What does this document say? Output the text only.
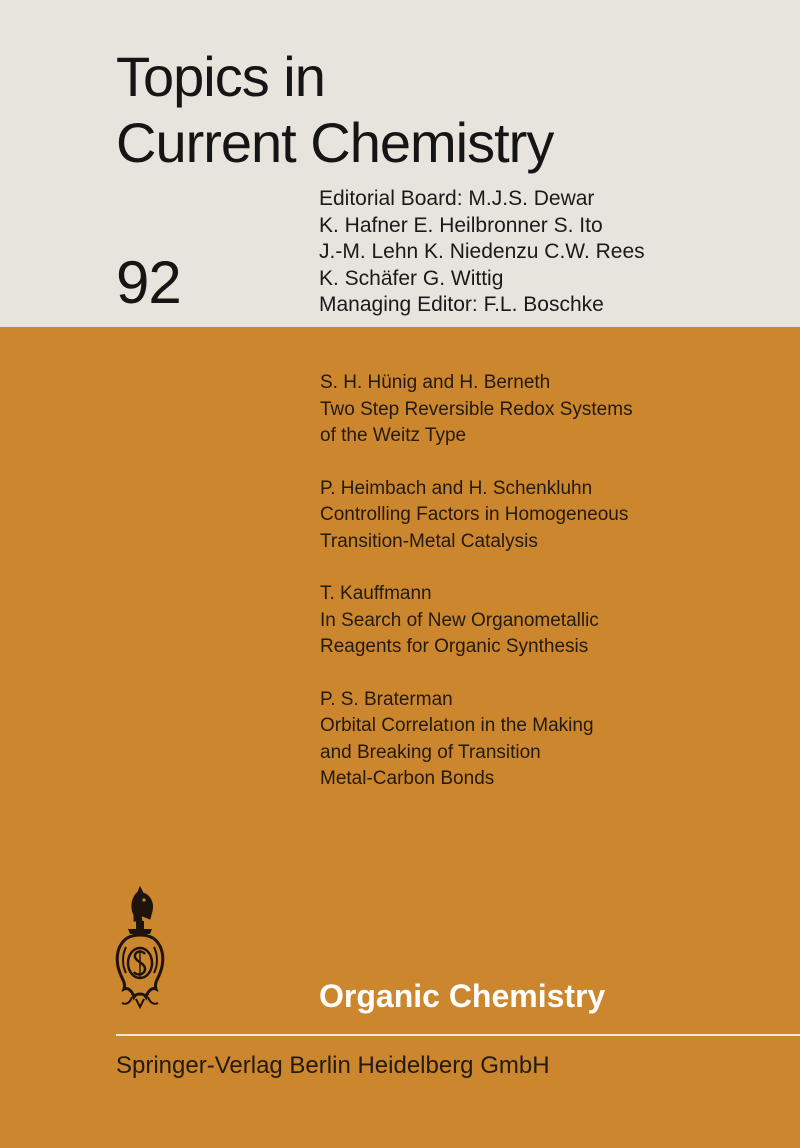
Topics in
Current Chemistry
92
Editorial Board: M.J.S. Dewar
K. Hafner E. Heilbronner S. Ito
J.-M. Lehn K. Niedenzu C.W. Rees
K. Schäfer G. Wittig
Managing Editor: F.L. Boschke
S. H. Hünig and H. Berneth
Two Step Reversible Redox Systems
of the Weitz Type
P. Heimbach and H. Schenkluhn
Controlling Factors in Homogeneous
Transition-Metal Catalysis
T. Kauffmann
In Search of New Organometallic
Reagents for Organic Synthesis
P. S. Braterman
Orbital Correlatıon in the Making
and Breaking of Transition
Metal-Carbon Bonds
Organic Chemistry
Springer-Verlag Berlin Heidelberg GmbH
